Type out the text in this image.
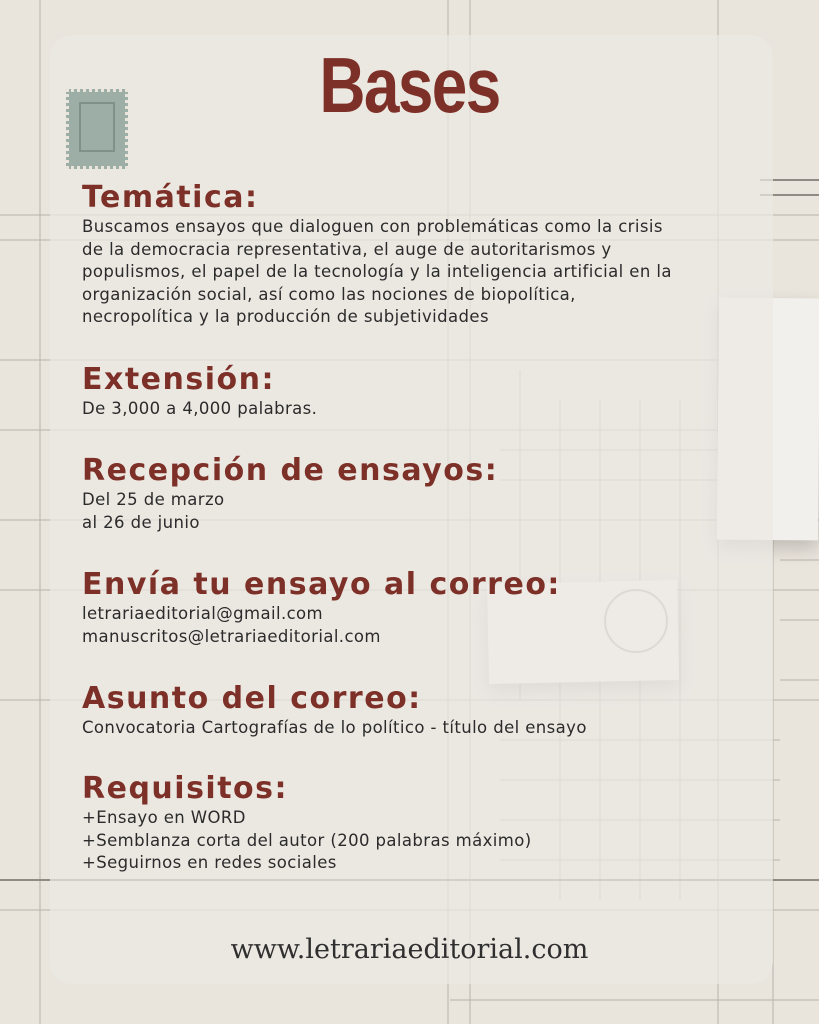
Bases
Temática:

Buscamos ensayos que dialoguen con problemáticas como la crisis

de la democracia representativa, el auge de autoritarismos y

populismos, el papel de la tecnología y la inteligencia artificial en la

organización social, así como las nociones de biopolítica,

necropolítica y la producción de subjetividades

Extensión:

De 3,000 a 4,000 palabras.

Recepción de ensayos:

Del 25 de marzo

al 26 de junio

Envía tu ensayo al correo:

letrariaeditorial@gmail.com

manuscritos@letrariaeditorial.com

Asunto del correo:

Convocatoria Cartografías de lo político - título del ensayo

Requisitos:

+Ensayo en WORD

+Semblanza corta del autor (200 palabras máximo)

+Seguirnos en redes sociales

www.letrariaeditorial.com
